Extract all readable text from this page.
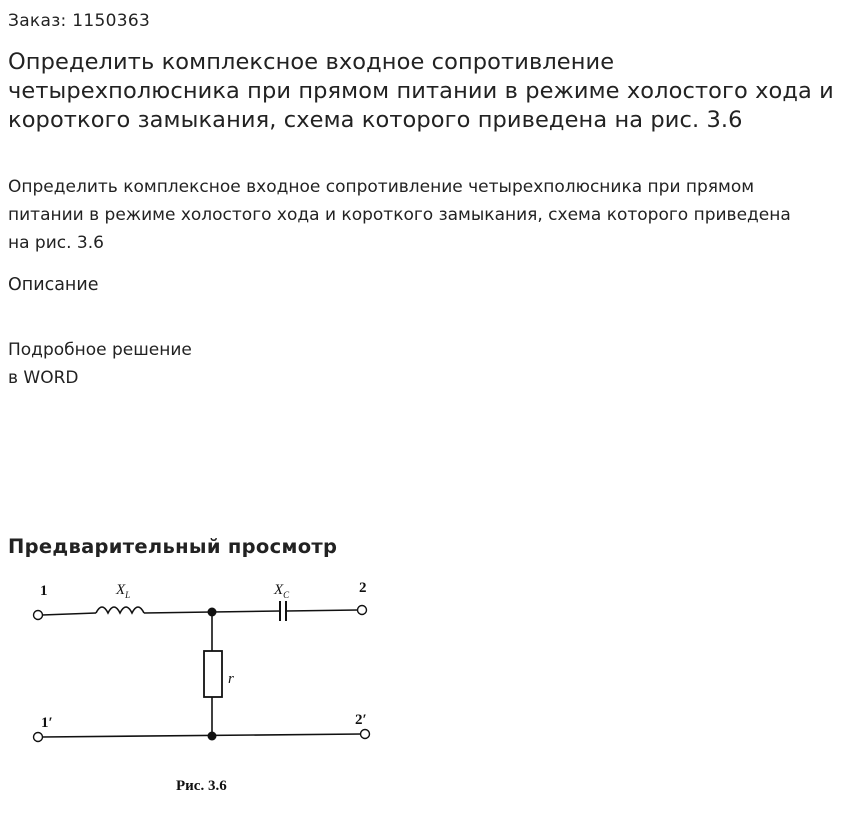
Заказ: 1150363
Определить комплексное входное сопротивление четырехполюсника при прямом питании в режиме холостого хода и короткого замыкания, схема которого приведена на рис. 3.6

Определить комплексное входное сопротивление четырехполюсника при прямом питании в режиме холостого хода и короткого замыкания, схема которого приведена на рис. 3.6

Описание
Подробное решение
в WORD
Предварительный просмотр
1	2
1′	2′
$X_L$	$X_C$
r
Рис. 3.6
